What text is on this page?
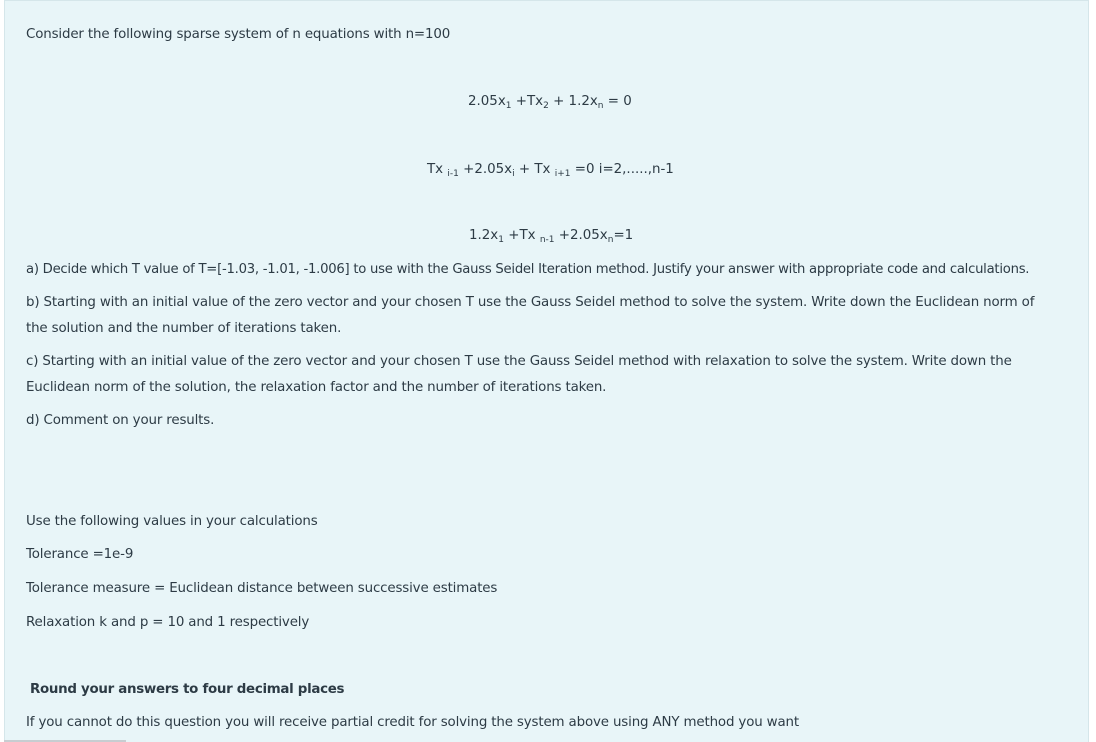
Consider the following sparse system of n equations with n=100
$2.05x_1 +Tx_2 + 1.2x_n = 0$
Tx $_{i-1} +2.05x_i + Tx$ $_{i+1}$ =0 i=2,.....,n-1
$1.2x_1 +Tx$ $_{n-1} +2.05x_n=1$
a) Decide which T value of T=[-1.03, -1.01, -1.006] to use with the Gauss Seidel Iteration method. Justify your answer with appropriate code and calculations.
b) Starting with an initial value of the zero vector and your chosen T use the Gauss Seidel method to solve the system. Write down the Euclidean norm of the solution and the number of iterations taken.
c) Starting with an initial value of the zero vector and your chosen T use the Gauss Seidel method with relaxation to solve the system. Write down the Euclidean norm of the solution, the relaxation factor and the number of iterations taken.
d) Comment on your results.
Use the following values in your calculations
Tolerance =1e-9
Tolerance measure = Euclidean distance between successive estimates
Relaxation k and p = 10 and 1 respectively
Round your answers to four decimal places
If you cannot do this question you will receive partial credit for solving the system above using ANY method you want
